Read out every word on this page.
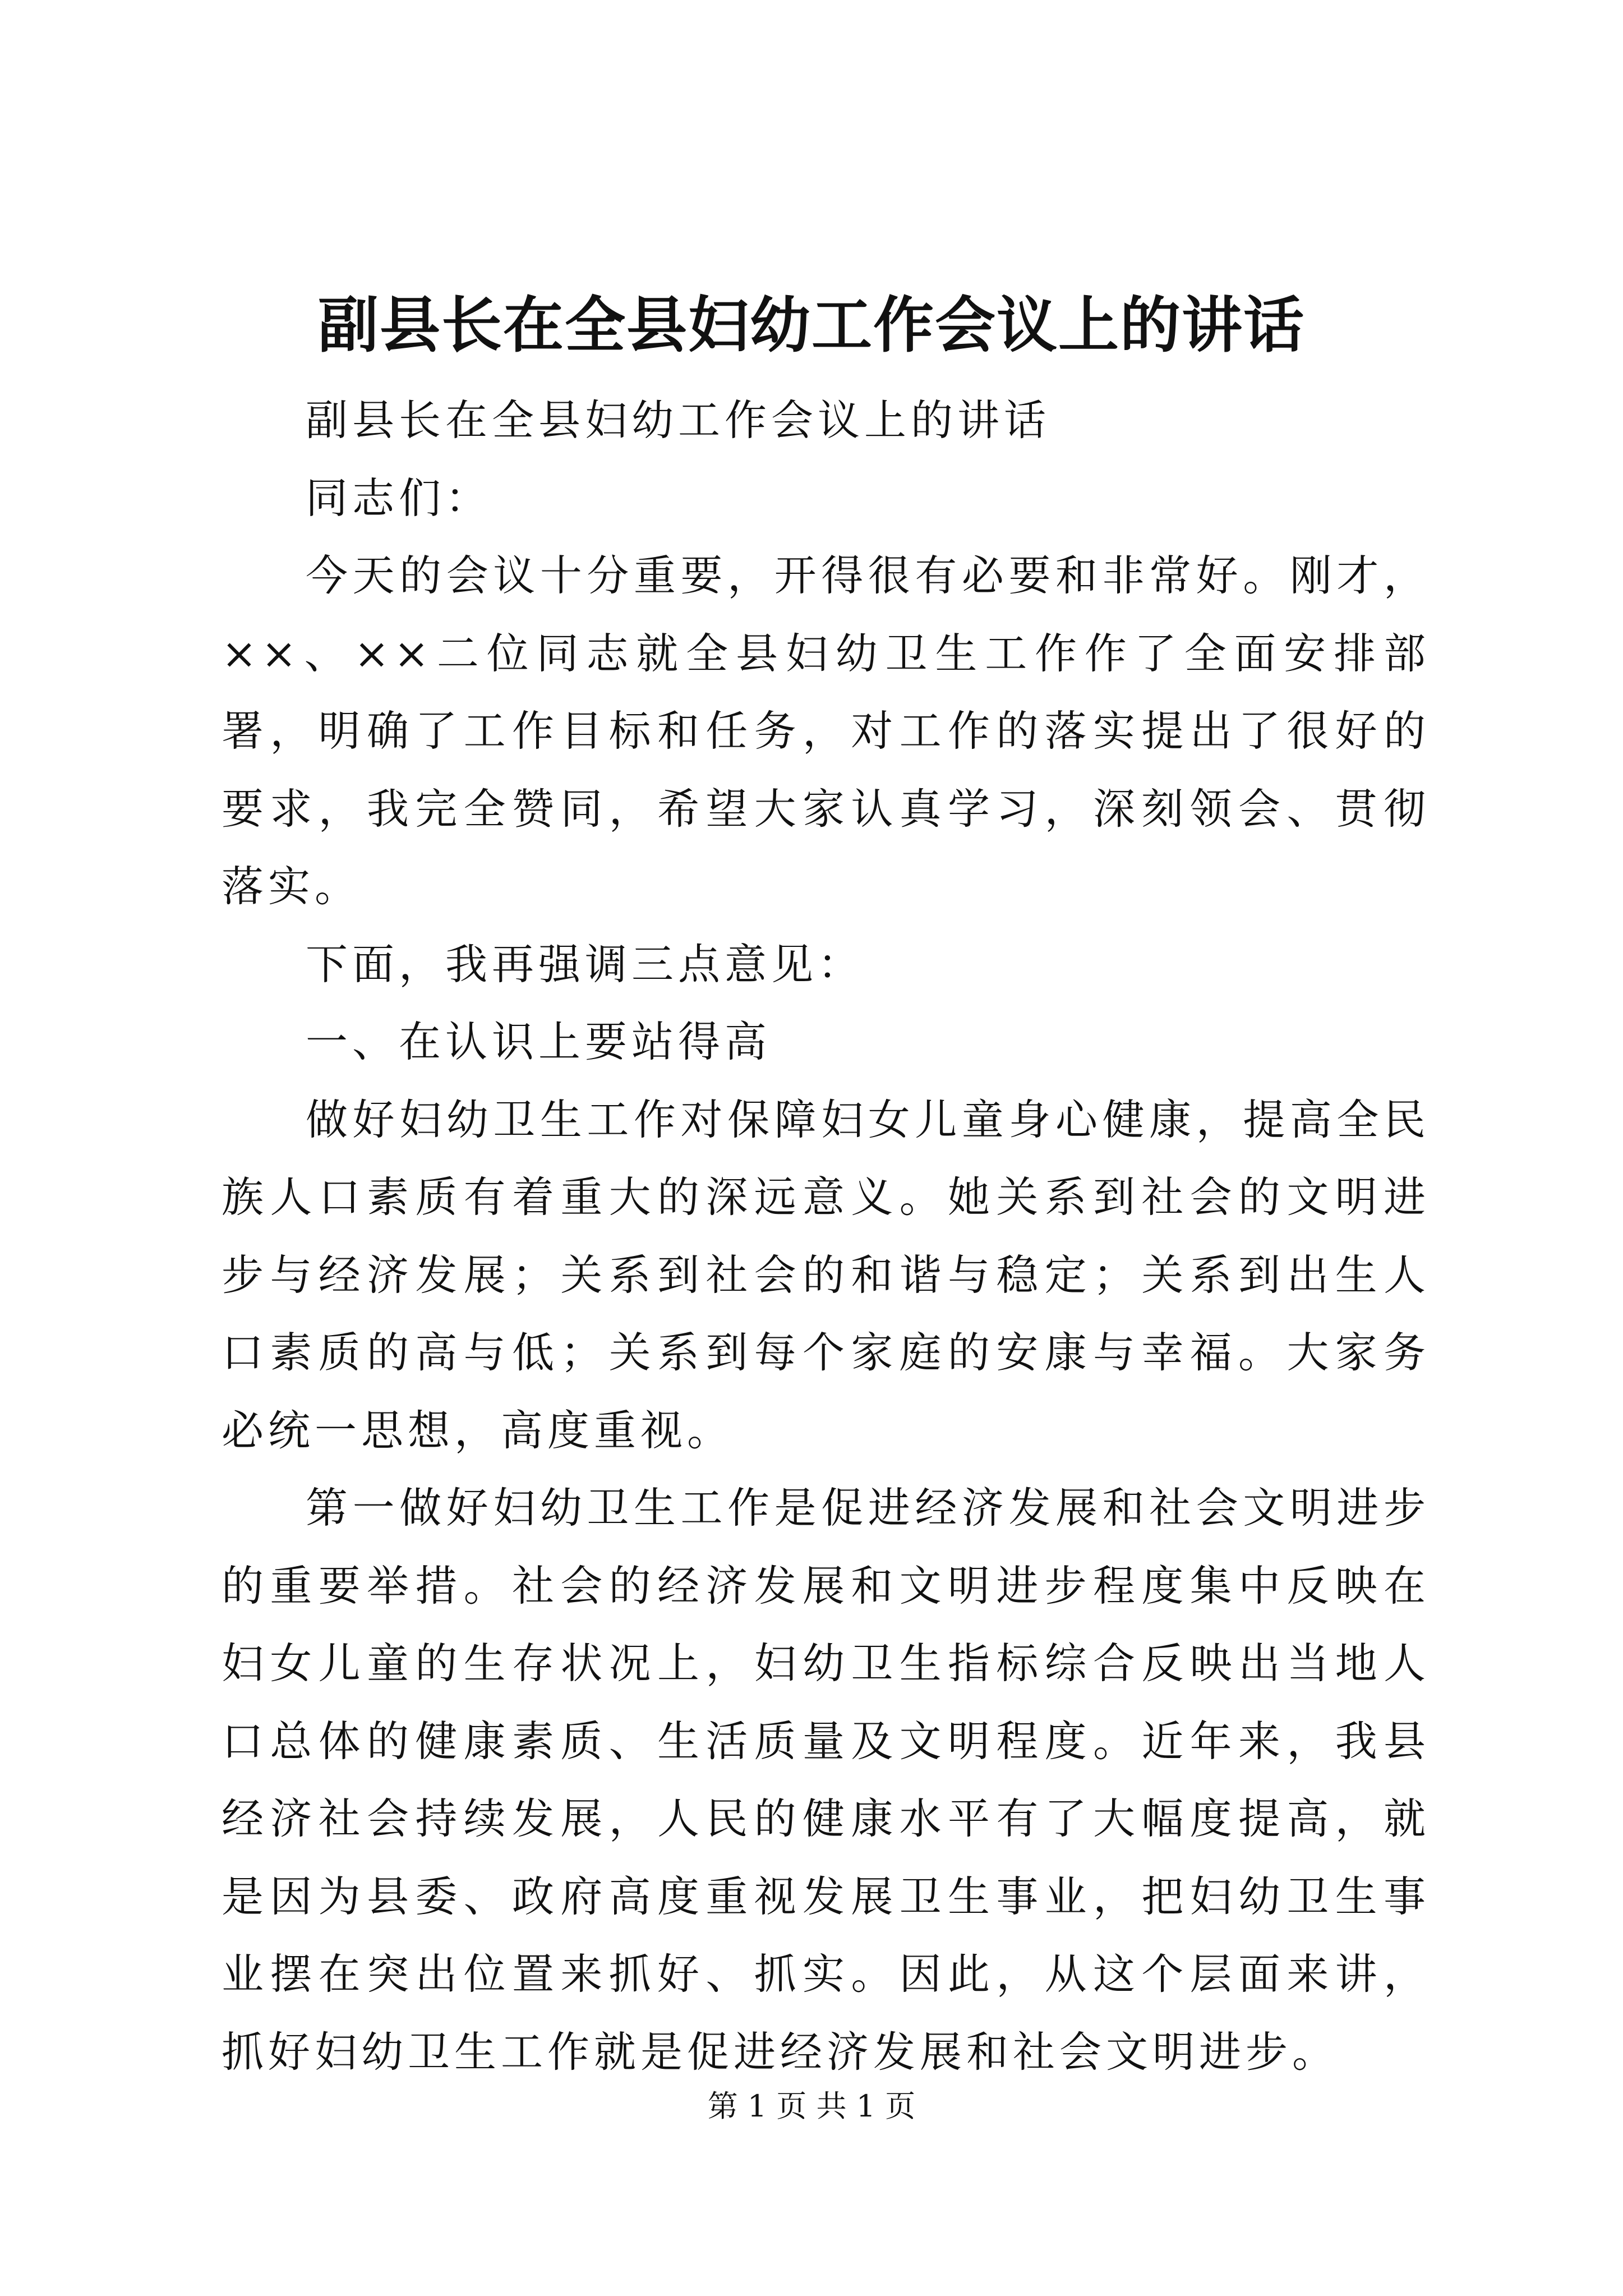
副县长在全县妇幼工作会议上的讲话

副县长在全县妇幼工作会议上的讲话

同志们：

今天的会议十分重要，开得很有必要和非常好。刚才，××、××二位同志就全县妇幼卫生工作作了全面安排部署，明确了工作目标和任务，对工作的落实提出了很好的要求，我完全赞同，希望大家认真学习，深刻领会、贯彻落实。

下面，我再强调三点意见：

一、在认识上要站得高

做好妇幼卫生工作对保障妇女儿童身心健康，提高全民族人口素质有着重大的深远意义。她关系到社会的文明进步与经济发展；关系到社会的和谐与稳定；关系到出生人口素质的高与低；关系到每个家庭的安康与幸福。大家务必统一思想，高度重视。

第一做好妇幼卫生工作是促进经济发展和社会文明进步的重要举措。社会的经济发展和文明进步程度集中反映在妇女儿童的生存状况上，妇幼卫生指标综合反映出当地人口总体的健康素质、生活质量及文明程度。近年来，我县经济社会持续发展，人民的健康水平有了大幅度提高，就是因为县委、政府高度重视发展卫生事业，把妇幼卫生事业摆在突出位置来抓好、抓实。因此，从这个层面来讲，抓好妇幼卫生工作就是促进经济发展和社会文明进步。

第 1 页 共 1 页
